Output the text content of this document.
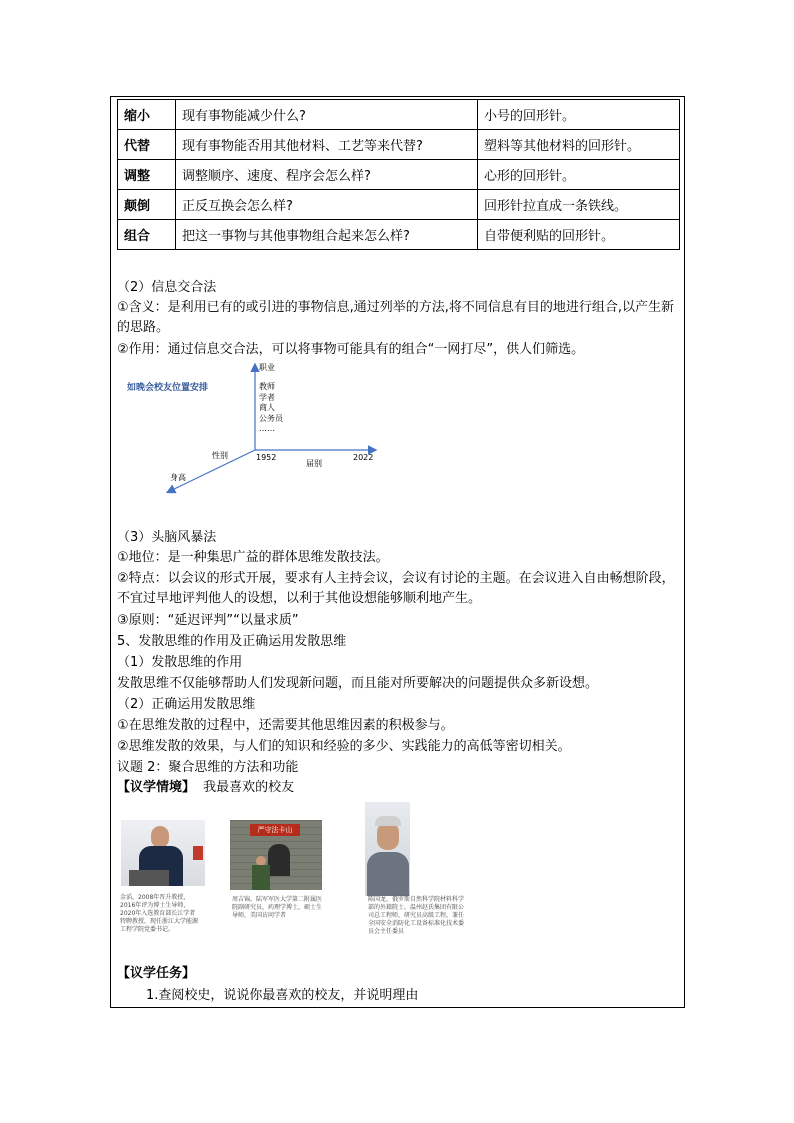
缩小	现有事物能减少什么?	小号的回形针。
代替	现有事物能否用其他材料、工艺等来代替?	塑料等其他材料的回形针。
调整	调整顺序、速度、程序会怎么样?	心形的回形针。
颠倒	正反互换会怎么样?	回形针拉直成一条铁线。
组合	把这一事物与其他事物组合起来怎么样?	自带便利贴的回形针。
（2）信息交合法
①含义：是利用已有的或引进的事物信息,通过列举的方法,将不同信息有目的地进行组合,以产生新的思路。
②作用：通过信息交合法，可以将事物可能具有的组合“一网打尽”，供人们筛选。
如晚会校友位置安排
职业
教师
学者
商人
公务员
……
1952	2022
届别
性别
身高
（3）头脑风暴法
①地位：是一种集思广益的群体思维发散技法。
②特点：以会议的形式开展，要求有人主持会议，会议有讨论的主题。在会议进入自由畅想阶段，不宜过早地评判他人的设想，以利于其他设想能够顺利地产生。
③原则：“延迟评判”“以量求质”
5、发散思维的作用及正确运用发散思维
（1）发散思维的作用
发散思维不仅能够帮助人们发现新问题，而且能对所要解决的问题提供众多新设想。
（2）正确运用发散思维
①在思维发散的过程中，还需要其他思维因素的积极参与。
②思维发散的效果，与人们的知识和经验的多少、实践能力的高低等密切相关。
议题 2：聚合思维的方法和功能
【议学情境】 我最喜欢的校友
金滔，2008年晋升教授，2016年评为博士生导师，2020年入选教育部长江学者特聘教授，现任浙江大学能源工程学院党委书记。
严守法卡山
周吉锦，陆军军医大学第二附属医院副研究员，药理学博士，硕士生导师，美国访问学者
陈国龙，俄罗斯自然科学院材料科学部的外籍院士，温州赵氏集团有限公司总工程师，研究员高级工程，兼任全国安全消防化工设备标准化技术委员会主任委员
【议学任务】
1.查阅校史，说说你最喜欢的校友，并说明理由
